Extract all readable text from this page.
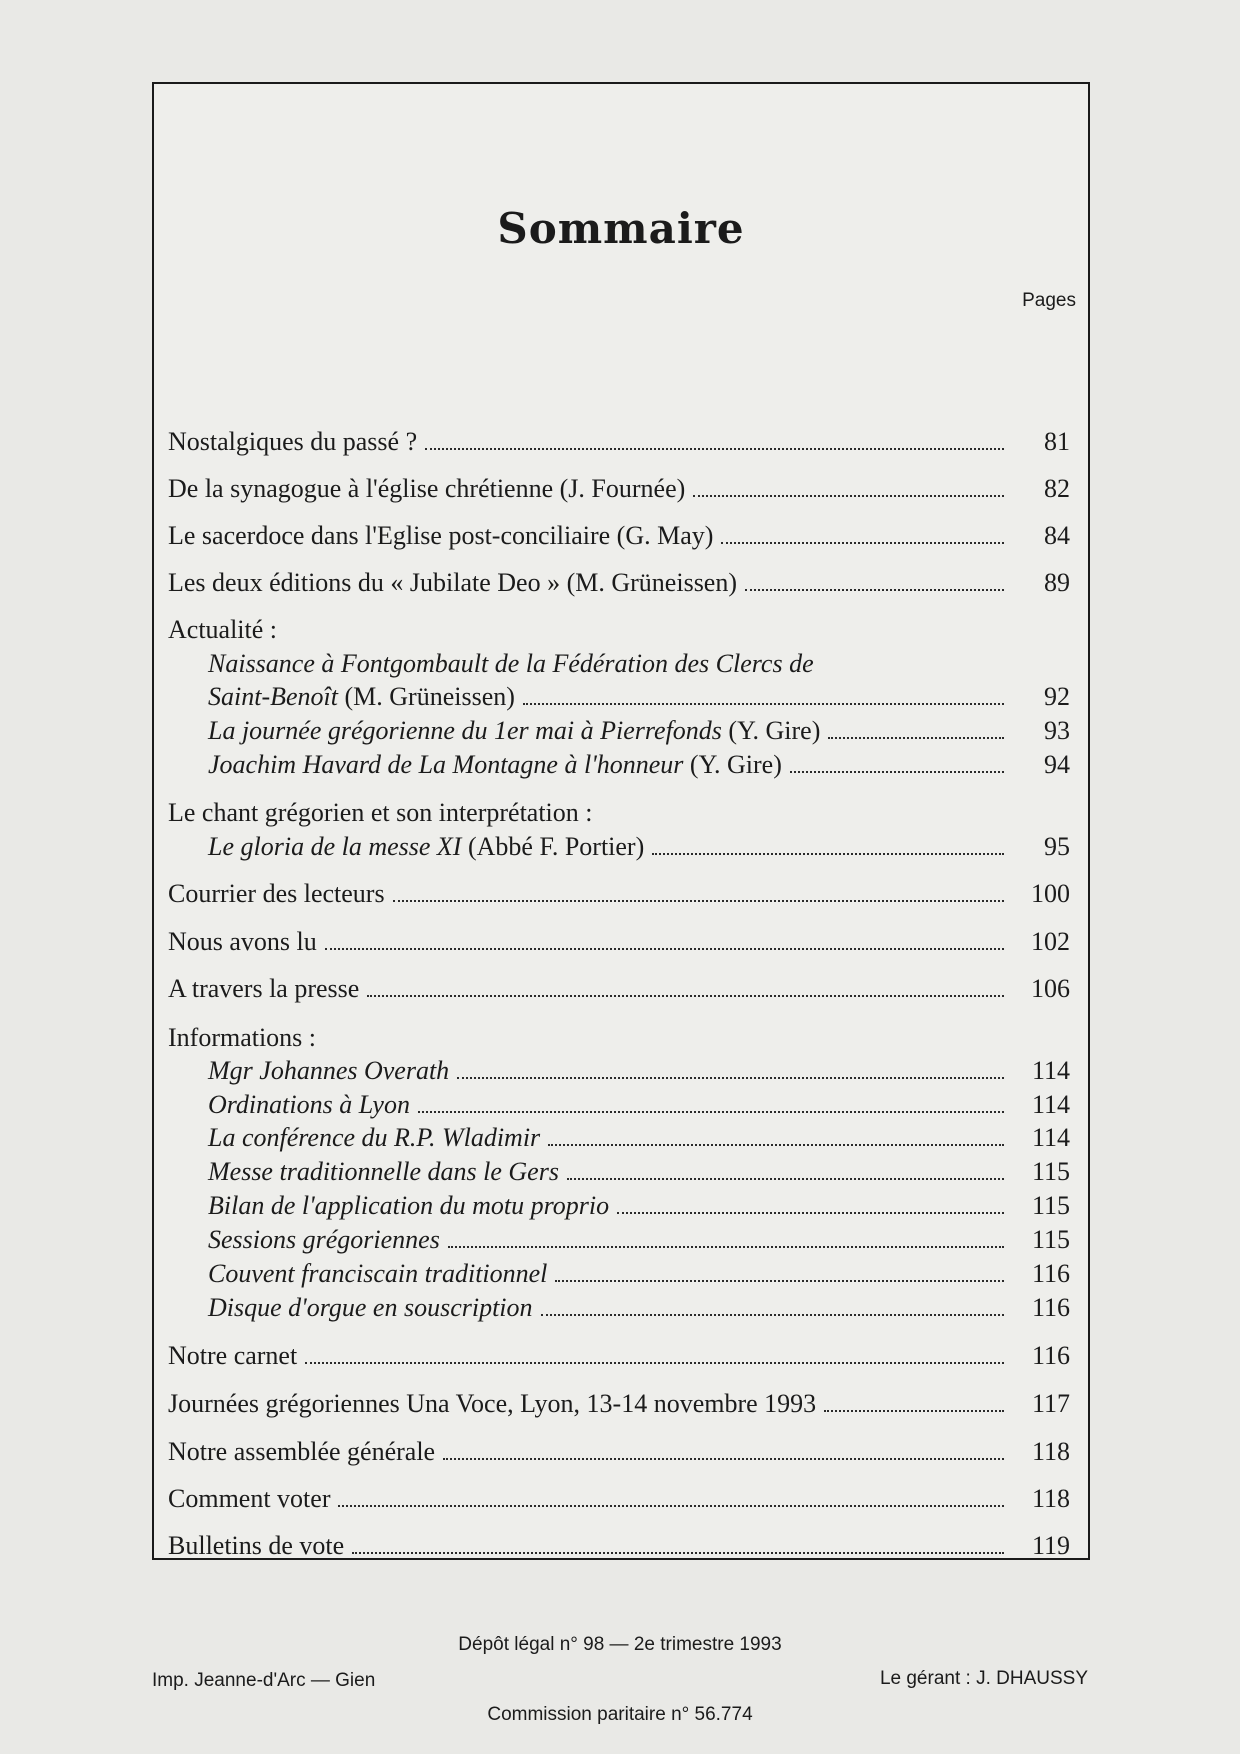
Sommaire
Pages
Nostalgiques du passé ?	81
De la synagogue à l'église chrétienne (J. Fournée)	82
Le sacerdoce dans l'Eglise post-conciliaire (G. May)	84
Les deux éditions du « Jubilate Deo » (M. Grüneissen)	89
Actualité :
Naissance à Fontgombault de la Fédération des Clercs de
Saint-Benoît (M. Grüneissen)	92
La journée grégorienne du 1er mai à Pierrefonds (Y. Gire)	93
Joachim Havard de La Montagne à l'honneur (Y. Gire)	94
Le chant grégorien et son interprétation :
Le gloria de la messe XI (Abbé F. Portier)	95
Courrier des lecteurs	100
Nous avons lu	102
A travers la presse	106
Informations :
Mgr Johannes Overath	114
Ordinations à Lyon	114
La conférence du R.P. Wladimir	114
Messe traditionnelle dans le Gers	115
Bilan de l'application du motu proprio	115
Sessions grégoriennes	115
Couvent franciscain traditionnel	116
Disque d'orgue en souscription	116
Notre carnet	116
Journées grégoriennes Una Voce, Lyon, 13-14 novembre 1993	117
Notre assemblée générale	118
Comment voter	118
Bulletins de vote	119
Dépôt légal n° 98 — 2e trimestre 1993
Imp. Jeanne-d'Arc — Gien	Le gérant : J. DHAUSSY
Commission paritaire n° 56.774
